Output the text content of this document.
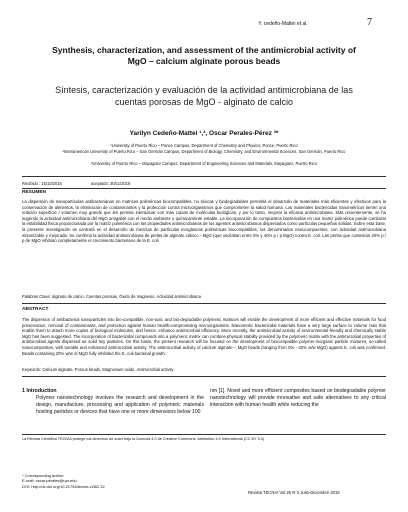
Y. cedeño-Mattei et al.	7
Synthesis, characterization, and assessment of the antimicrobial activity of MgO – calcium alginate porous beads
Síntesis, caracterización y evaluación de la actividad antimicrobiana de las cuentas porosas de MgO - alginato de calcio
Yarilyn Cedeño-Mattei ¹,², Oscar Perales-Pérez ³*
¹University of Puerto Rico – Ponce Campus, Department of Chemistry and Physics, Ponce, Puerto Rico
²Interamerican University of Puerto Rico – San Germán Campus, Department of Biology, Chemistry, and Environmental Sciences, San Germán, Puerto Rico
³University of Puerto Rico – Mayagüez Campus, Department of Engineering Sciences and Materials, Mayagüez, Puerto Rico
Recibido : 15/10/2016	aceptado: 30/11/2016
RESUMEN
La dispersión de nanopartículas antibacterianas en matrices poliméricas biocompatibles, no tóxicas y biodegradables permitirá el desarrollo de materiales más eficientes y efectivos para la conservación de alimentos, la eliminación de contaminantes y la protección contra microorganismos que comprometen la salud humana. Los materiales bactericidas nanométricos tienen una relación superficie / volumen muy grande que les permite interactuar con más copias de moléculas biológicas, y por lo tanto, mejorar la eficacia antimicrobiana. Más recientemente, se ha sugerido la actividad antimicrobiana del MgO amigable con el medio ambiente y químicamente estable. La incorporación de compuestos bactericidas en una matriz polimérica puede combinar la estabilidad física proporcionada por la matriz polimérica con las propiedades antimicrobianas de los agentes antimicrobianos dispersados como partículas pequeñas sólidas. Sobre esta base, la presente investigación se centrará en el desarrollo de mezclas de partículas inorgánicas poliméricas biocompatibles, los denominados nanocompuestos, con actividad antimicrobiana sintonizable y mejorada. Se confirmó la actividad antimicrobiana de perlas de alginato cálcico - MgO (que oscilaban entre 0% y 40% p / p MgO) contra E. coli. Las perlas que contenían 20% p / p de MgO inhibían completamente el crecimiento bacteriano de la E. coli
Palabras Clave: alginato de calcio, Cuentas porosas, Óxido de magnesio, Actividad antimicrobiana
ABSTRACT
The dispersion of antibacterial nanoparticles into bio-compatible, non-toxic and bio-degradable polymeric matrices will enable the development of more efficient and effective materials for food preservation, removal of contaminants, and protection against human health-compromising microorganisms. Nanometric bactericidal materials have a very large surface to volume ratio that enable them to attach more copies of biological molecules, and hence, enhance antimicrobial efficiency. More recently, the antimicrobial activity of environmental-friendly and chemically stable MgO has been suggested. The incorporation of bactericidal compounds into a polymeric matrix can combine physical stability provided by the polymeric matrix with the antimicrobial properties of antimicrobial agents dispersed as solid tiny particles. On this basis, the present research will be focused on the development of biocompatible polymer-inorganic particle mixtures, so-called nanocomposites, with tunable and enhanced antimicrobial activity. The antimicrobial activity of calcium alginate – MgO beads (ranging from 0% - 40% w/w MgO) against E. coli was confirmed. Beads containing 20% w/w of MgO fully inhibited the E. coli bacterial growth.
Keywords: Calcium alginate, Porous beads, Magnesium oxide, Antimicrobial activity
1 Introduction
Polymer nanotechnology involves the research and development in the design, manufacture, processing and application of polymeric materials hosting particles or devices that have one or more dimensions below 100
nm [1]. Novel and more efficient composites based on biodegradable polymer nanotechnology will provide innovative and safe alternatives to any critical interaction with human health while reducing the
La Revista Científica TECNIA protege los derechos de autor bajo la Licencia 4.0 de Creative Commons: Attribution 4.0 International (CC BY 4.0)
* Corresponding author:
E-mail: oscar.perales@upr.edu
DOI: http://dx.doi.org/10.21754/tecnia.v26i2.32
Revista TECNIA Vol.26 N°2 Julio-Diciembre 2016
